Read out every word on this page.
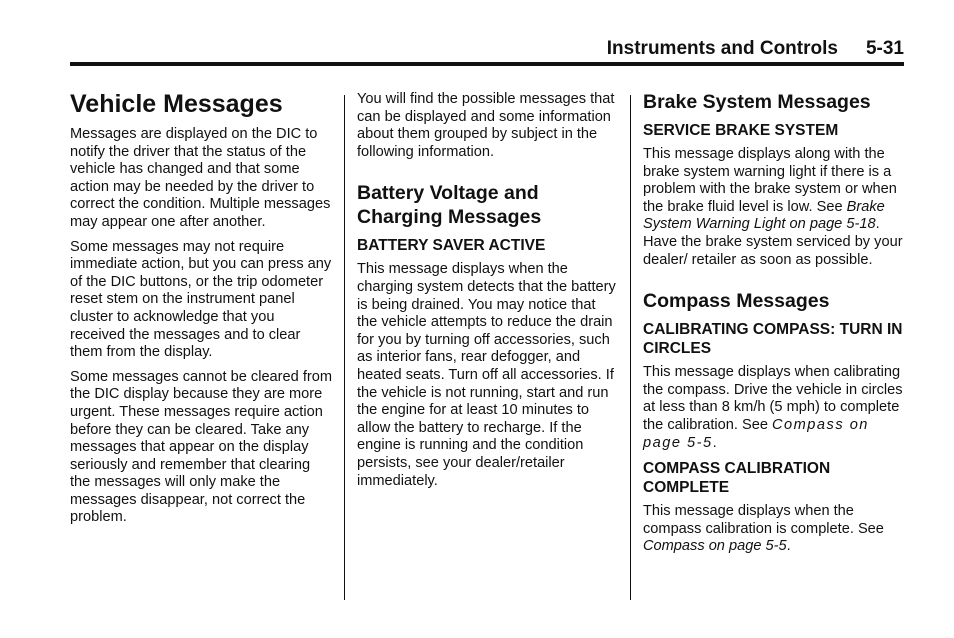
Instruments and Controls 5-31
Vehicle Messages

Messages are displayed on the DIC to notify the driver that the status of the vehicle has changed and that some action may be needed by the driver to correct the condition. Multiple messages may appear one after another.

Some messages may not require immediate action, but you can press any of the DIC buttons, or the trip odometer reset stem on the instrument panel cluster to acknowledge that you received the messages and to clear them from the display.

Some messages cannot be cleared from the DIC display because they are more urgent. These messages require action before they can be cleared. Take any messages that appear on the display seriously and remember that clearing the messages will only make the messages disappear, not correct the problem.

You will find the possible messages that can be displayed and some information about them grouped by subject in the following information.

Battery Voltage and Charging Messages
BATTERY SAVER ACTIVE

This message displays when the charging system detects that the battery is being drained. You may notice that the vehicle attempts to reduce the drain for you by turning off accessories, such as interior fans, rear defogger, and heated seats. Turn off all accessories. If the vehicle is not running, start and run the engine for at least 10 minutes to allow the battery to recharge. If the engine is running and the condition persists, see your dealer/retailer immediately.

Brake System Messages
SERVICE BRAKE SYSTEM

This message displays along with the brake system warning light if there is a problem with the brake system or when the brake fluid level is low. See Brake System Warning Light on page 5-18. Have the brake system serviced by your dealer/ retailer as soon as possible.

Compass Messages
CALIBRATING COMPASS: TURN IN CIRCLES

This message displays when calibrating the compass. Drive the vehicle in circles at less than 8 km/h (5 mph) to complete the calibration. See Compass on page 5-5.

COMPASS CALIBRATION COMPLETE

This message displays when the compass calibration is complete. See Compass on page 5-5.
